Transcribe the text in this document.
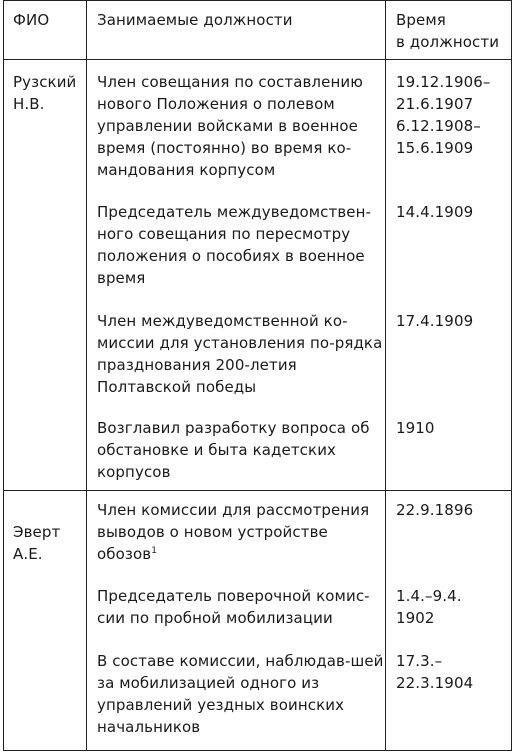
ФИО	Занимаемые должности	Время
в должности
Рузский
Н.В.
Член совещания по составлению нового Положения о полевом управлении войсками в военное время (постоянно) во время ко-мандования корпусом
19.12.1906–
21.6.1907
6.12.1908–
15.6.1909
Председатель междуведомствен-ного совещания по пересмотру положения о пособиях в военное время
14.4.1909
Член междуведомственной ко-миссии для установления по-рядка празднования 200-летия Полтавской победы
17.4.1909
Возглавил разработку вопроса об обстановке и быта кадетских корпусов
1910
Эверт
А.Е.
Член комиссии для рассмотрения выводов о новом устройстве обозов$^1$
22.9.1896
Председатель поверочной комис-сии по пробной мобилизации
1.4.–9.4.
1902
В составе комиссии, наблюдав-шей за мобилизацией одного из управлений уездных воинских начальников
17.3.–
22.3.1904
